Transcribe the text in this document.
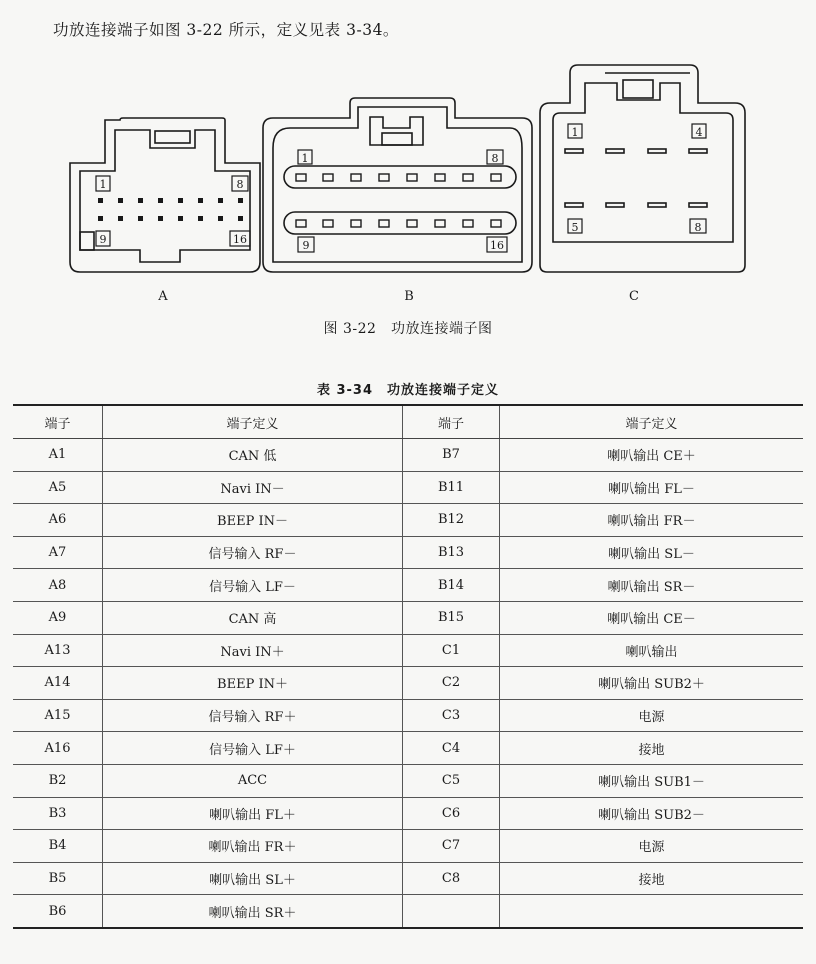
功放连接端子如图 3-22 所示，定义见表 3-34。
1	8
9	16
1	8
9	16
1	4
5	8
A	B	C
图 3-22　功放连接端子图
表 3-34　功放连接端子定义
端子	端子定义	端子	端子定义
A1	CAN 低	B7	喇叭输出 CE＋
A5	Navi IN－	B11	喇叭输出 FL－
A6	BEEP IN－	B12	喇叭输出 FR－
A7	信号输入 RF－	B13	喇叭输出 SL－
A8	信号输入 LF－	B14	喇叭输出 SR－
A9	CAN 高	B15	喇叭输出 CE－
A13	Navi IN＋	C1	喇叭输出
A14	BEEP IN＋	C2	喇叭输出 SUB2＋
A15	信号输入 RF＋	C3	电源
A16	信号输入 LF＋	C4	接地
B2	ACC	C5	喇叭输出 SUB1－
B3	喇叭输出 FL＋	C6	喇叭输出 SUB2－
B4	喇叭输出 FR＋	C7	电源
B5	喇叭输出 SL＋	C8	接地
B6	喇叭输出 SR＋		
